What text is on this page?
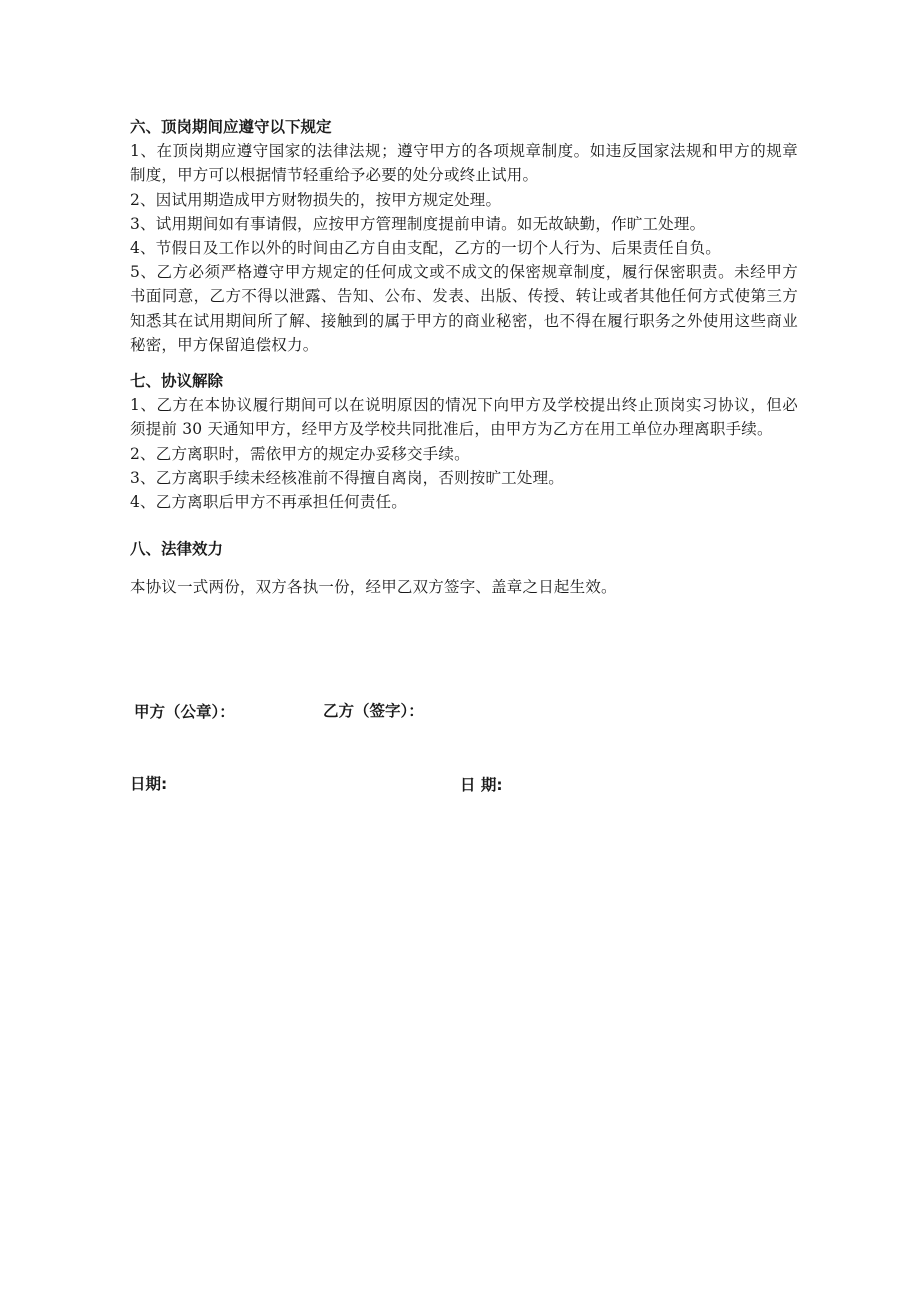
六、顶岗期间应遵守以下规定

1、在顶岗期应遵守国家的法律法规；遵守甲方的各项规章制度。如违反国家法规和甲方的规章制度，甲方可以根据情节轻重给予必要的处分或终止试用。

2、因试用期造成甲方财物损失的，按甲方规定处理。

3、试用期间如有事请假，应按甲方管理制度提前申请。如无故缺勤，作旷工处理。

4、节假日及工作以外的时间由乙方自由支配，乙方的一切个人行为、后果责任自负。

5、乙方必须严格遵守甲方规定的任何成文或不成文的保密规章制度，履行保密职责。未经甲方书面同意，乙方不得以泄露、告知、公布、发表、出版、传授、转让或者其他任何方式使第三方知悉其在试用期间所了解、接触到的属于甲方的商业秘密，也不得在履行职务之外使用这些商业秘密，甲方保留追偿权力。

七、协议解除

1、乙方在本协议履行期间可以在说明原因的情况下向甲方及学校提出终止顶岗实习协议，但必须提前 30 天通知甲方，经甲方及学校共同批准后，由甲方为乙方在用工单位办理离职手续。

2、乙方离职时，需依甲方的规定办妥移交手续。

3、乙方离职手续未经核准前不得擅自离岗，否则按旷工处理。

4、乙方离职后甲方不再承担任何责任。

八、法律效力

本协议一式两份，双方各执一份，经甲乙双方签字、盖章之日起生效。

甲方（公章）：	乙方（签字）：
日期:	日 期:
